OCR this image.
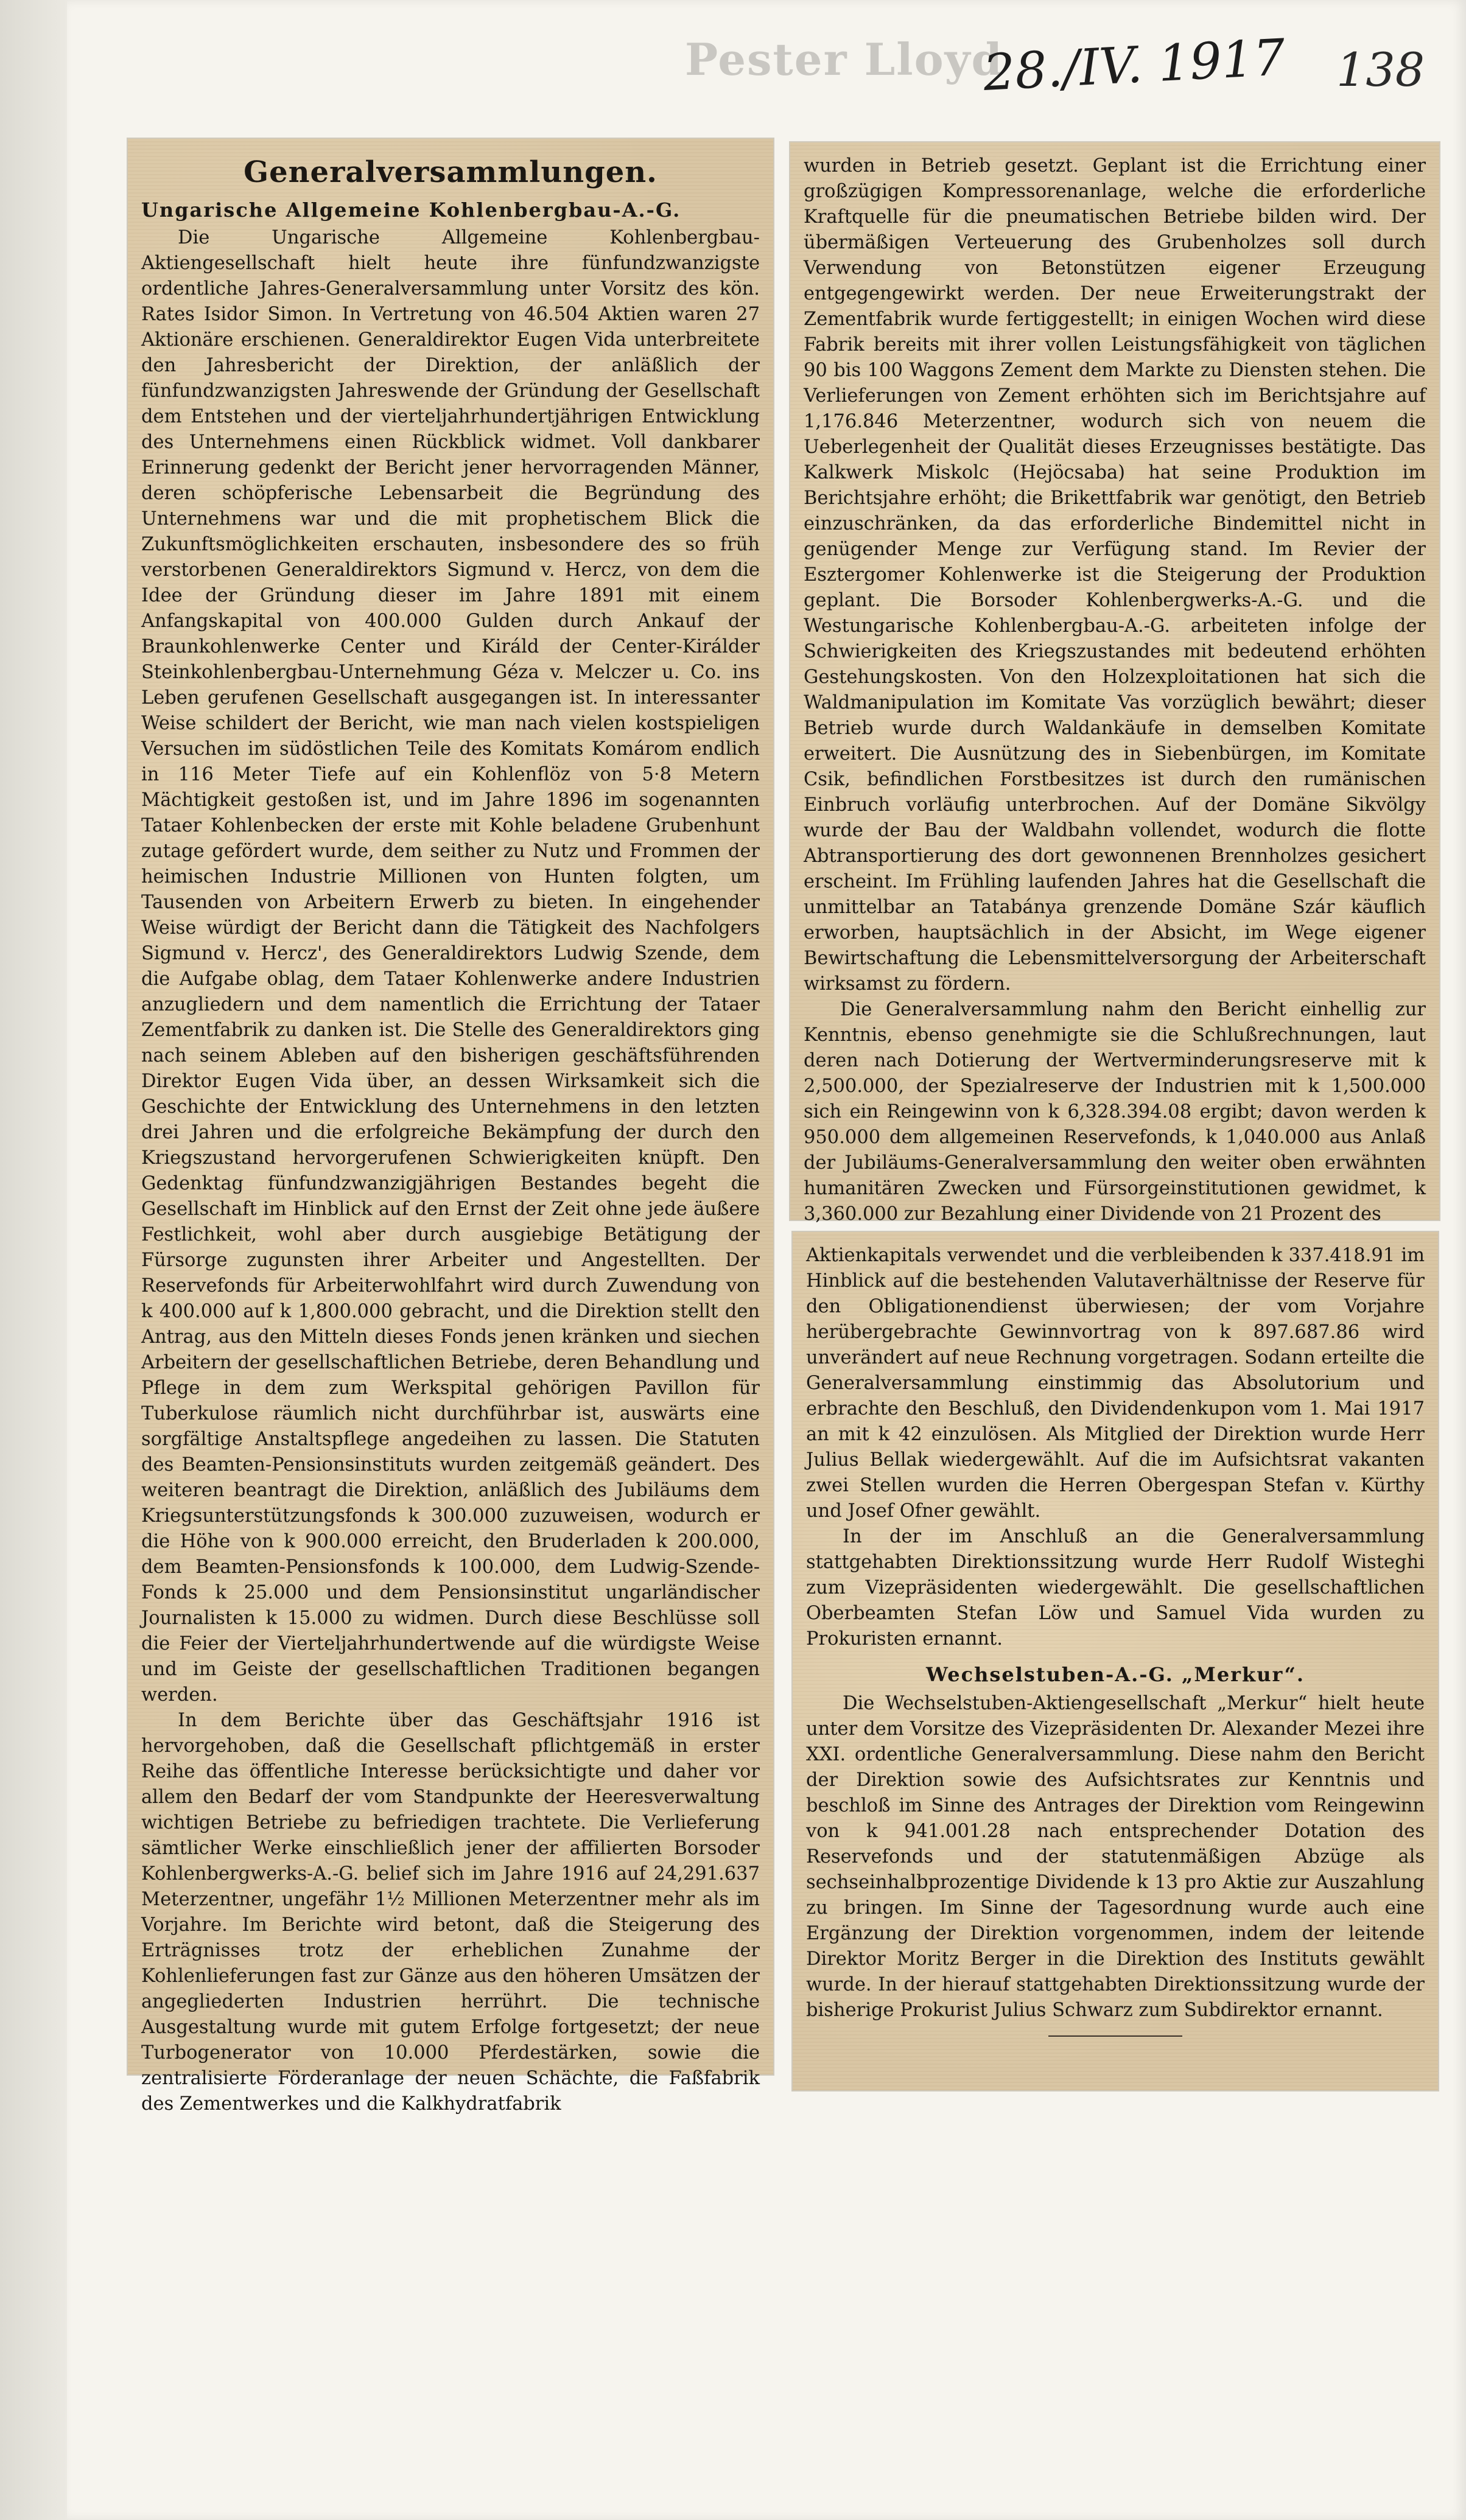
Pester Lloyd
28./IV. 1917 138
Generalversammlungen.
Ungarische Allgemeine Kohlenbergbau-A.-G.

Die Ungarische Allgemeine Kohlenbergbau-Aktiengesellschaft hielt heute ihre fünfundzwanzigste ordentliche Jahres-Generalversammlung unter Vorsitz des kön. Rates Isidor Simon. In Vertretung von 46.504 Aktien waren 27 Aktionäre erschienen. Generaldirektor Eugen Vida unterbreitete den Jahresbericht der Direktion, der anläßlich der fünfundzwanzigsten Jahreswende der Gründung der Gesellschaft dem Entstehen und der vierteljahrhundertjährigen Entwicklung des Unternehmens einen Rückblick widmet. Voll dankbarer Erinnerung gedenkt der Bericht jener hervorragenden Männer, deren schöpferische Lebensarbeit die Begründung des Unternehmens war und die mit prophetischem Blick die Zukunftsmöglichkeiten erschauten, insbesondere des so früh verstorbenen Generaldirektors Sigmund v. Hercz, von dem die Idee der Gründung dieser im Jahre 1891 mit einem Anfangskapital von 400.000 Gulden durch Ankauf der Braunkohlenwerke Center und Királd der Center-Királder Steinkohlenbergbau-Unternehmung Géza v. Melczer u. Co. ins Leben gerufenen Gesellschaft ausgegangen ist. In interessanter Weise schildert der Bericht, wie man nach vielen kostspieligen Versuchen im südöstlichen Teile des Komitats Komárom endlich in 116 Meter Tiefe auf ein Kohlenflöz von 5·8 Metern Mächtigkeit gestoßen ist, und im Jahre 1896 im sogenannten Tataer Kohlenbecken der erste mit Kohle beladene Grubenhunt zutage gefördert wurde, dem seither zu Nutz und Frommen der heimischen Industrie Millionen von Hunten folgten, um Tausenden von Arbeitern Erwerb zu bieten. In eingehender Weise würdigt der Bericht dann die Tätigkeit des Nachfolgers Sigmund v. Hercz', des Generaldirektors Ludwig Szende, dem die Aufgabe oblag, dem Tataer Kohlenwerke andere Industrien anzugliedern und dem namentlich die Errichtung der Tataer Zementfabrik zu danken ist. Die Stelle des Generaldirektors ging nach seinem Ableben auf den bisherigen geschäftsführenden Direktor Eugen Vida über, an dessen Wirksamkeit sich die Geschichte der Entwicklung des Unternehmens in den letzten drei Jahren und die erfolgreiche Bekämpfung der durch den Kriegszustand hervorgerufenen Schwierigkeiten knüpft. Den Gedenktag fünfundzwanzigjährigen Bestandes begeht die Gesellschaft im Hinblick auf den Ernst der Zeit ohne jede äußere Festlichkeit, wohl aber durch ausgiebige Betätigung der Fürsorge zugunsten ihrer Arbeiter und Angestellten. Der Reservefonds für Arbeiterwohlfahrt wird durch Zuwendung von k 400.000 auf k 1,800.000 gebracht, und die Direktion stellt den Antrag, aus den Mitteln dieses Fonds jenen kränken und siechen Arbeitern der gesellschaftlichen Betriebe, deren Behandlung und Pflege in dem zum Werkspital gehörigen Pavillon für Tuberkulose räumlich nicht durchführbar ist, auswärts eine sorgfältige Anstaltspflege angedeihen zu lassen. Die Statuten des Beamten-Pensionsinstituts wurden zeitgemäß geändert. Des weiteren beantragt die Direktion, anläßlich des Jubiläums dem Kriegsunterstützungsfonds k 300.000 zuzuweisen, wodurch er die Höhe von k 900.000 erreicht, den Bruderladen k 200.000, dem Beamten-Pensionsfonds k 100.000, dem Ludwig-Szende-Fonds k 25.000 und dem Pensionsinstitut ungarländischer Journalisten k 15.000 zu widmen. Durch diese Beschlüsse soll die Feier der Vierteljahrhundertwende auf die würdigste Weise und im Geiste der gesellschaftlichen Traditionen begangen werden.

In dem Berichte über das Geschäftsjahr 1916 ist hervorgehoben, daß die Gesellschaft pflichtgemäß in erster Reihe das öffentliche Interesse berücksichtigte und daher vor allem den Bedarf der vom Standpunkte der Heeresverwaltung wichtigen Betriebe zu befriedigen trachtete. Die Verlieferung sämtlicher Werke einschließlich jener der affilierten Borsoder Kohlenbergwerks-A.-G. belief sich im Jahre 1916 auf 24,291.637 Meterzentner, ungefähr 1½ Millionen Meterzentner mehr als im Vorjahre. Im Berichte wird betont, daß die Steigerung des Erträgnisses trotz der erheblichen Zunahme der Kohlenlieferungen fast zur Gänze aus den höheren Umsätzen der angegliederten Industrien herrührt. Die technische Ausgestaltung wurde mit gutem Erfolge fortgesetzt; der neue Turbogenerator von 10.000 Pferdestärken, sowie die zentralisierte Förderanlage der neuen Schächte, die Faßfabrik des Zementwerkes und die Kalkhydratfabrik

wurden in Betrieb gesetzt. Geplant ist die Errichtung einer großzügigen Kompressorenanlage, welche die erforderliche Kraftquelle für die pneumatischen Betriebe bilden wird. Der übermäßigen Verteuerung des Grubenholzes soll durch Verwendung von Betonstützen eigener Erzeugung entgegengewirkt werden. Der neue Erweiterungstrakt der Zementfabrik wurde fertiggestellt; in einigen Wochen wird diese Fabrik bereits mit ihrer vollen Leistungsfähigkeit von täglichen 90 bis 100 Waggons Zement dem Markte zu Diensten stehen. Die Verlieferungen von Zement erhöhten sich im Berichtsjahre auf 1,176.846 Meterzentner, wodurch sich von neuem die Ueberlegenheit der Qualität dieses Erzeugnisses bestätigte. Das Kalkwerk Miskolc (Hejöcsaba) hat seine Produktion im Berichtsjahre erhöht; die Brikettfabrik war genötigt, den Betrieb einzuschränken, da das erforderliche Bindemittel nicht in genügender Menge zur Verfügung stand. Im Revier der Esztergomer Kohlenwerke ist die Steigerung der Produktion geplant. Die Borsoder Kohlenbergwerks-A.-G. und die Westungarische Kohlenbergbau-A.-G. arbeiteten infolge der Schwierigkeiten des Kriegszustandes mit bedeutend erhöhten Gestehungskosten. Von den Holzexploitationen hat sich die Waldmanipulation im Komitate Vas vorzüglich bewährt; dieser Betrieb wurde durch Waldankäufe in demselben Komitate erweitert. Die Ausnützung des in Siebenbürgen, im Komitate Csik, befindlichen Forstbesitzes ist durch den rumänischen Einbruch vorläufig unterbrochen. Auf der Domäne Sikvölgy wurde der Bau der Waldbahn vollendet, wodurch die flotte Abtransportierung des dort gewonnenen Brennholzes gesichert erscheint. Im Frühling laufenden Jahres hat die Gesellschaft die unmittelbar an Tatabánya grenzende Domäne Szár käuflich erworben, hauptsächlich in der Absicht, im Wege eigener Bewirtschaftung die Lebensmittelversorgung der Arbeiterschaft wirksamst zu fördern.

Die Generalversammlung nahm den Bericht einhellig zur Kenntnis, ebenso genehmigte sie die Schlußrechnungen, laut deren nach Dotierung der Wertverminderungsreserve mit k 2,500.000, der Spezialreserve der Industrien mit k 1,500.000 sich ein Reingewinn von k 6,328.394.08 ergibt; davon werden k 950.000 dem allgemeinen Reservefonds, k 1,040.000 aus Anlaß der Jubiläums-Generalversammlung den weiter oben erwähnten humanitären Zwecken und Fürsorgeinstitutionen gewidmet, k 3,360.000 zur Bezahlung einer Dividende von 21 Prozent des

Aktienkapitals verwendet und die verbleibenden k 337.418.91 im Hinblick auf die bestehenden Valutaverhältnisse der Reserve für den Obligationendienst überwiesen; der vom Vorjahre herübergebrachte Gewinnvortrag von k 897.687.86 wird unverändert auf neue Rechnung vorgetragen. Sodann erteilte die Generalversammlung einstimmig das Absolutorium und erbrachte den Beschluß, den Dividendenkupon vom 1. Mai 1917 an mit k 42 einzulösen. Als Mitglied der Direktion wurde Herr Julius Bellak wiedergewählt. Auf die im Aufsichtsrat vakanten zwei Stellen wurden die Herren Obergespan Stefan v. Kürthy und Josef Ofner gewählt.

In der im Anschluß an die Generalversammlung stattgehabten Direktionssitzung wurde Herr Rudolf Wisteghi zum Vizepräsidenten wiedergewählt. Die gesellschaftlichen Oberbeamten Stefan Löw und Samuel Vida wurden zu Prokuristen ernannt.

Wechselstuben-A.-G. „Merkur“.

Die Wechselstuben-Aktiengesellschaft „Merkur“ hielt heute unter dem Vorsitze des Vizepräsidenten Dr. Alexander Mezei ihre XXI. ordentliche Generalversammlung. Diese nahm den Bericht der Direktion sowie des Aufsichtsrates zur Kenntnis und beschloß im Sinne des Antrages der Direktion vom Reingewinn von k 941.001.28 nach entsprechender Dotation des Reservefonds und der statutenmäßigen Abzüge als sechseinhalbprozentige Dividende k 13 pro Aktie zur Auszahlung zu bringen. Im Sinne der Tagesordnung wurde auch eine Ergänzung der Direktion vorgenommen, indem der leitende Direktor Moritz Berger in die Direktion des Instituts gewählt wurde. In der hierauf stattgehabten Direktionssitzung wurde der bisherige Prokurist Julius Schwarz zum Subdirektor ernannt.
